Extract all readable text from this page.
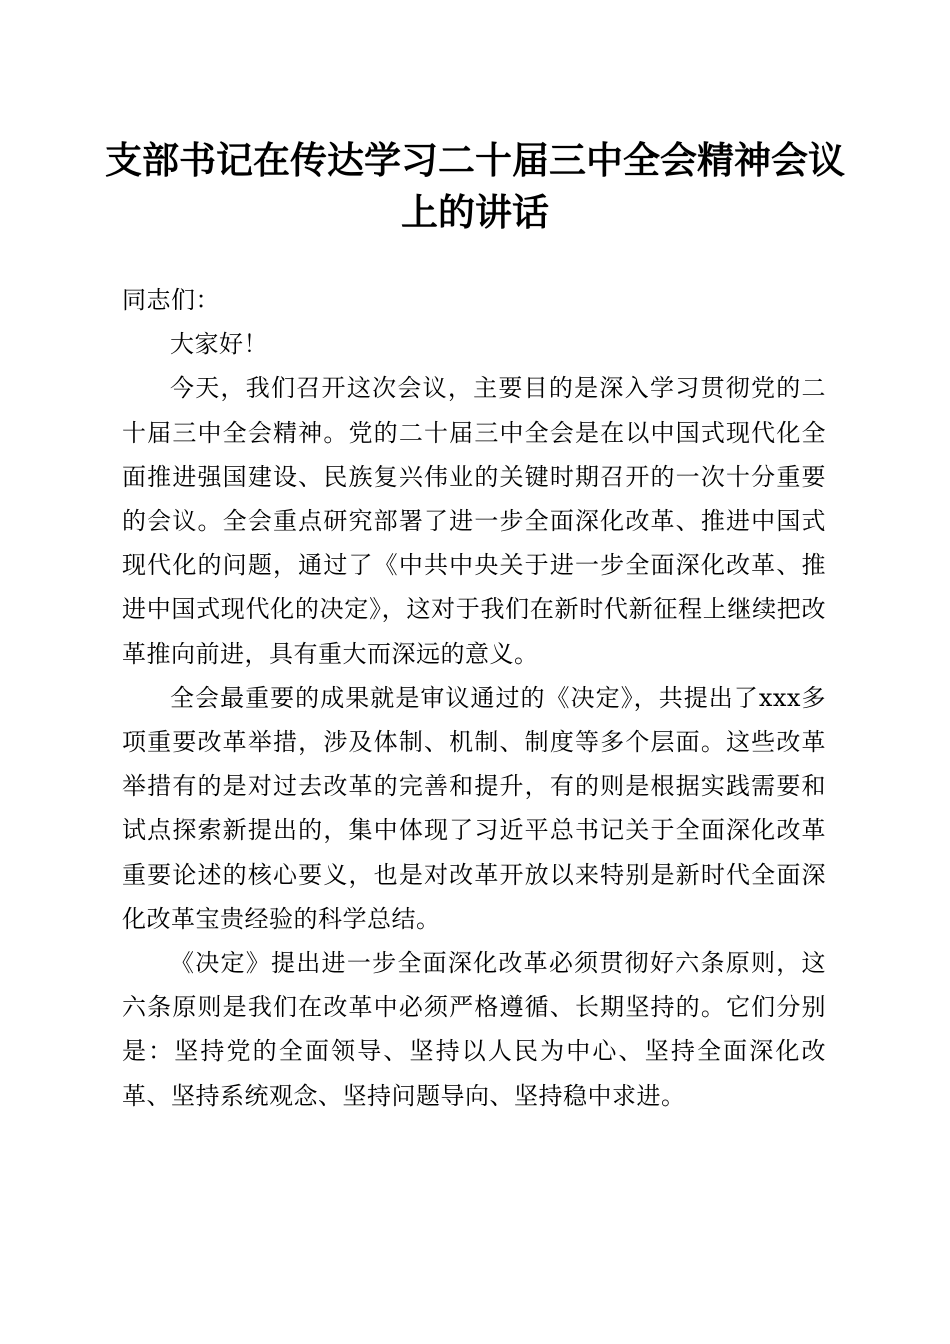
支部书记在传达学习二十届三中全会精神会议上的讲话

同志们：

大家好！

今天，我们召开这次会议，主要目的是深入学习贯彻党的二十届三中全会精神。党的二十届三中全会是在以中国式现代化全面推进强国建设、民族复兴伟业的关键时期召开的一次十分重要的会议。全会重点研究部署了进一步全面深化改革、推进中国式现代化的问题，通过了《中共中央关于进一步全面深化改革、推进中国式现代化的决定》，这对于我们在新时代新征程上继续把改革推向前进，具有重大而深远的意义。

全会最重要的成果就是审议通过的《决定》，共提出了xxx多项重要改革举措，涉及体制、机制、制度等多个层面。这些改革举措有的是对过去改革的完善和提升，有的则是根据实践需要和试点探索新提出的，集中体现了习近平总书记关于全面深化改革重要论述的核心要义，也是对改革开放以来特别是新时代全面深化改革宝贵经验的科学总结。

《决定》提出进一步全面深化改革必须贯彻好六条原则，这六条原则是我们在改革中必须严格遵循、长期坚持的。它们分别是：坚持党的全面领导、坚持以人民为中心、坚持全面深化改革、坚持系统观念、坚持问题导向、坚持稳中求进。
